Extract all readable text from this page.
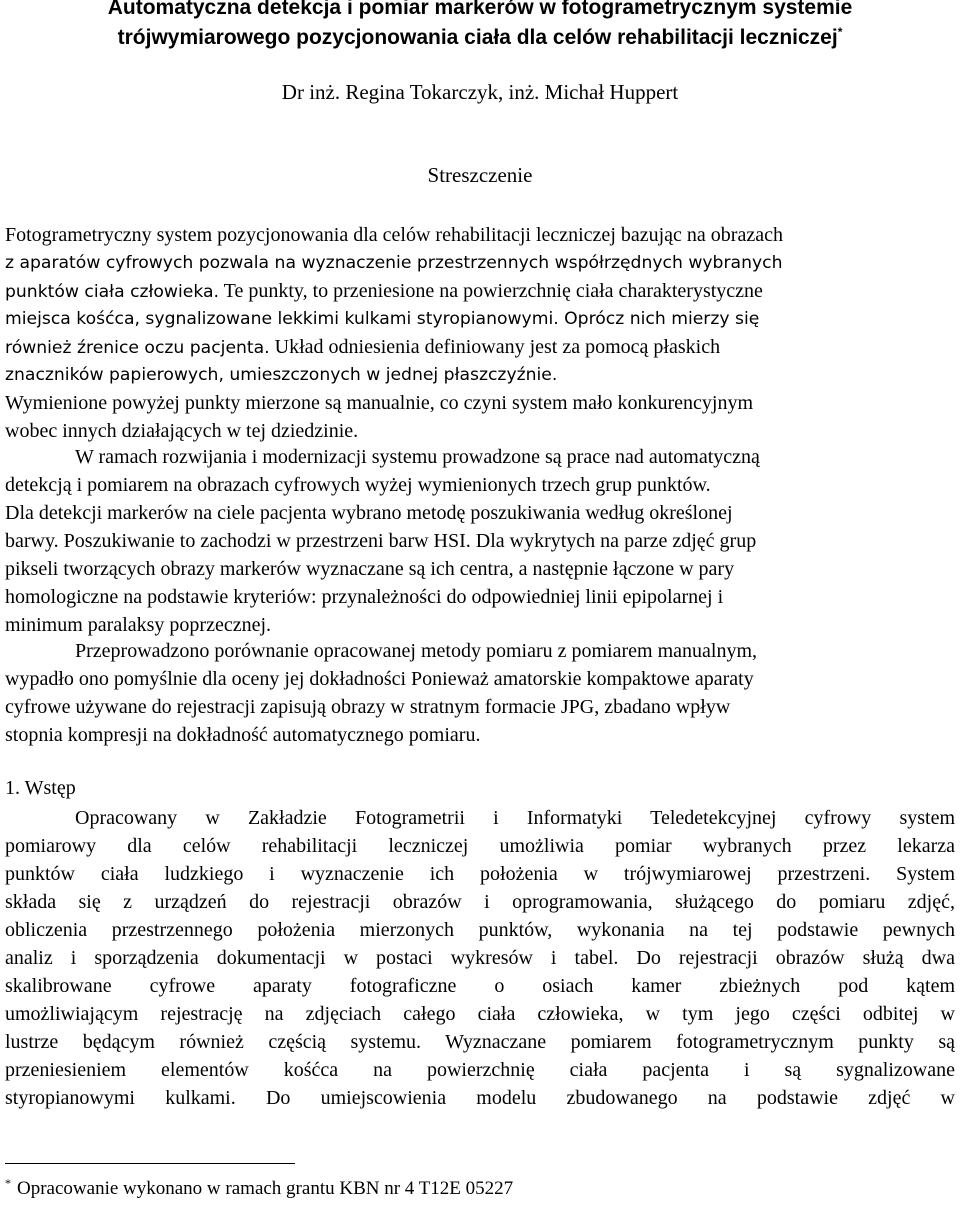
Automatyczna detekcja i pomiar markerów w fotogrametrycznym systemie
trójwymiarowego pozycjonowania ciała dla celów rehabilitacji leczniczej*
Dr inż. Regina Tokarczyk, inż. Michał Huppert
Streszczenie
Fotogrametryczny system pozycjonowania dla celów rehabilitacji leczniczej bazując na obrazach
z aparatów cyfrowych pozwala na wyznaczenie przestrzennych współrzędnych wybranych
punktów ciała człowieka. Te punkty, to przeniesione na powierzchnię ciała charakterystyczne
miejsca kośćca, sygnalizowane lekkimi kulkami styropianowymi. Oprócz nich mierzy się
również źrenice oczu pacjenta. Układ odniesienia definiowany jest za pomocą płaskich
znaczników papierowych, umieszczonych w jednej płaszczyźnie.
Wymienione powyżej punkty mierzone są manualnie, co czyni system mało konkurencyjnym
wobec innych działających w tej dziedzinie.
W ramach rozwijania i modernizacji systemu prowadzone są prace nad automatyczną
detekcją i pomiarem na obrazach cyfrowych wyżej wymienionych trzech grup punktów.
Dla detekcji markerów na ciele pacjenta wybrano metodę poszukiwania według określonej
barwy. Poszukiwanie to zachodzi w przestrzeni barw HSI. Dla wykrytych na parze zdjęć grup
pikseli tworzących obrazy markerów wyznaczane są ich centra, a następnie łączone w pary
homologiczne na podstawie kryteriów: przynależności do odpowiedniej linii epipolarnej i
minimum paralaksy poprzecznej.
Przeprowadzono porównanie opracowanej metody pomiaru z pomiarem manualnym,
wypadło ono pomyślnie dla oceny jej dokładności Ponieważ amatorskie kompaktowe aparaty
cyfrowe używane do rejestracji zapisują obrazy w stratnym formacie JPG, zbadano wpływ
stopnia kompresji na dokładność automatycznego pomiaru.
1. Wstęp
Opracowany w Zakładzie Fotogrametrii i Informatyki Teledetekcyjnej cyfrowy system
pomiarowy dla celów rehabilitacji leczniczej umożliwia pomiar wybranych przez lekarza
punktów ciała ludzkiego i wyznaczenie ich położenia w trójwymiarowej przestrzeni. System
składa się z urządzeń do rejestracji obrazów i oprogramowania, służącego do pomiaru zdjęć,
obliczenia przestrzennego położenia mierzonych punktów, wykonania na tej podstawie pewnych
analiz i sporządzenia dokumentacji w postaci wykresów i tabel. Do rejestracji obrazów służą dwa
skalibrowane cyfrowe aparaty fotograficzne o osiach kamer zbieżnych pod kątem
umożliwiającym rejestrację na zdjęciach całego ciała człowieka, w tym jego części odbitej w
lustrze będącym również częścią systemu. Wyznaczane pomiarem fotogrametrycznym punkty są
przeniesieniem elementów kośćca na powierzchnię ciała pacjenta i są sygnalizowane
styropianowymi kulkami. Do umiejscowienia modelu zbudowanego na podstawie zdjęć w
* Opracowanie wykonano w ramach grantu KBN nr 4 T12E 05227
